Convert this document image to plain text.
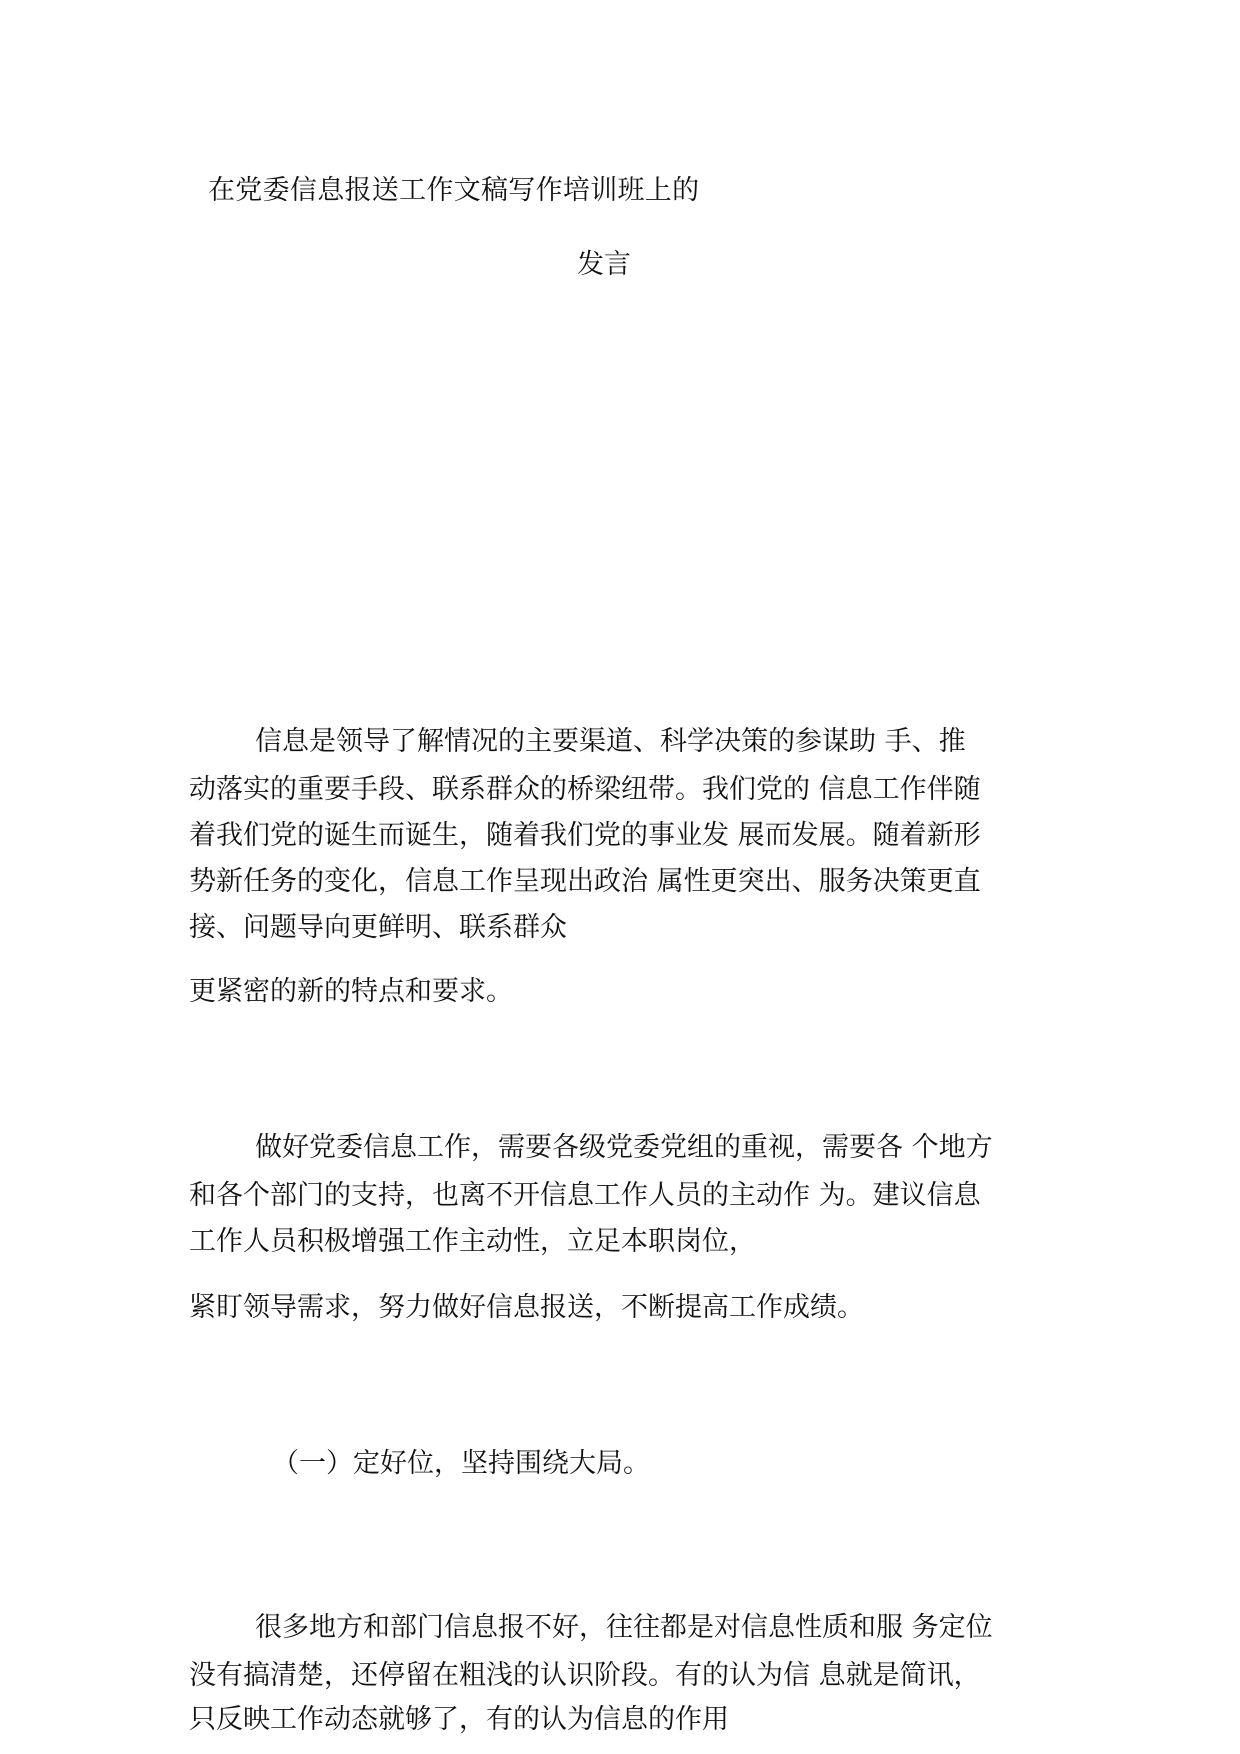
在党委信息报送工作文稿写作培训班上的
发言
信息是领导了解情况的主要渠道、科学决策的参谋助 手、推
动落实的重要手段、联系群众的桥梁纽带。我们党的 信息工作伴随
着我们党的诞生而诞生，随着我们党的事业发 展而发展。随着新形
势新任务的变化，信息工作呈现出政治 属性更突出、服务决策更直
接、问题导向更鲜明、联系群众
更紧密的新的特点和要求。
做好党委信息工作，需要各级党委党组的重视，需要各 个地方
和各个部门的支持，也离不开信息工作人员的主动作 为。建议信息
工作人员积极增强工作主动性，立足本职岗位，
紧盯领导需求，努力做好信息报送，不断提高工作成绩。
（一）定好位，坚持围绕大局。
很多地方和部门信息报不好，往往都是对信息性质和服 务定位
没有搞清楚，还停留在粗浅的认识阶段。有的认为信 息就是简讯，
只反映工作动态就够了，有的认为信息的作用
